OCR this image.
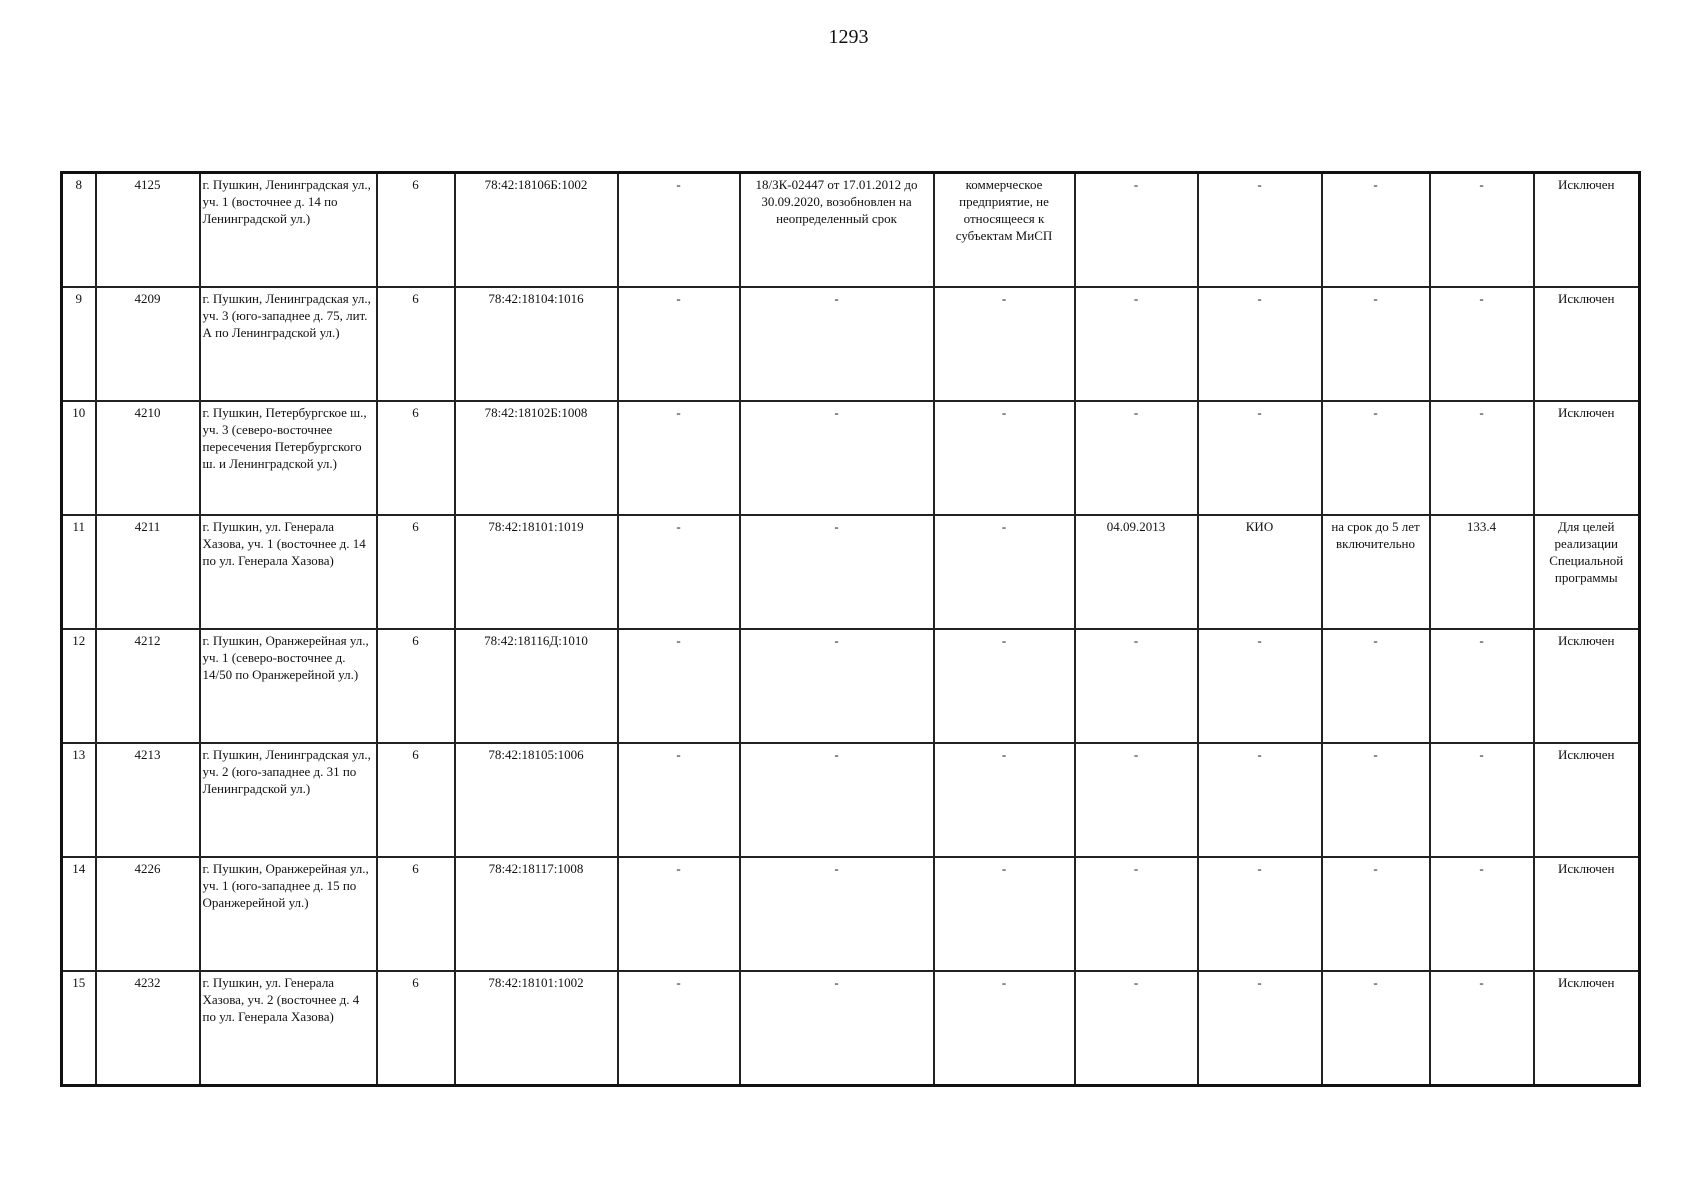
1293
8	4125	г. Пушкин, Ленинградская ул., уч. 1 (восточнее д. 14 по Ленинградской ул.)	6	78:42:18106Б:1002	-	18/ЗК-02447 от 17.01.2012 до 30.09.2020, возобновлен на неопределенный срок	коммерческое предприятие, не относящееся к субъектам МиСП	-	-	-	-	Исключен
9	4209	г. Пушкин, Ленинградская ул., уч. 3 (юго-западнее д. 75, лит. А по Ленинградской ул.)	6	78:42:18104:1016	-	-	-	-	-	-	-	Исключен
10	4210	г. Пушкин, Петербургское ш., уч. 3 (северо-восточнее пересечения Петербургского ш. и Ленинградской ул.)	6	78:42:18102Б:1008	-	-	-	-	-	-	-	Исключен
11	4211	г. Пушкин, ул. Генерала Хазова, уч. 1 (восточнее д. 14 по ул. Генерала Хазова)	6	78:42:18101:1019	-	-	-	04.09.2013	КИО	на срок до 5 лет включительно	133.4	Для целей реализации Специальной программы
12	4212	г. Пушкин, Оранжерейная ул., уч. 1 (северо-восточнее д. 14/50 по Оранжерейной ул.)	6	78:42:18116Д:1010	-	-	-	-	-	-	-	Исключен
13	4213	г. Пушкин, Ленинградская ул., уч. 2 (юго-западнее д. 31 по Ленинградской ул.)	6	78:42:18105:1006	-	-	-	-	-	-	-	Исключен
14	4226	г. Пушкин, Оранжерейная ул., уч. 1 (юго-западнее д. 15 по Оранжерейной ул.)	6	78:42:18117:1008	-	-	-	-	-	-	-	Исключен
15	4232	г. Пушкин, ул. Генерала Хазова, уч. 2 (восточнее д. 4 по ул. Генерала Хазова)	6	78:42:18101:1002	-	-	-	-	-	-	-	Исключен
